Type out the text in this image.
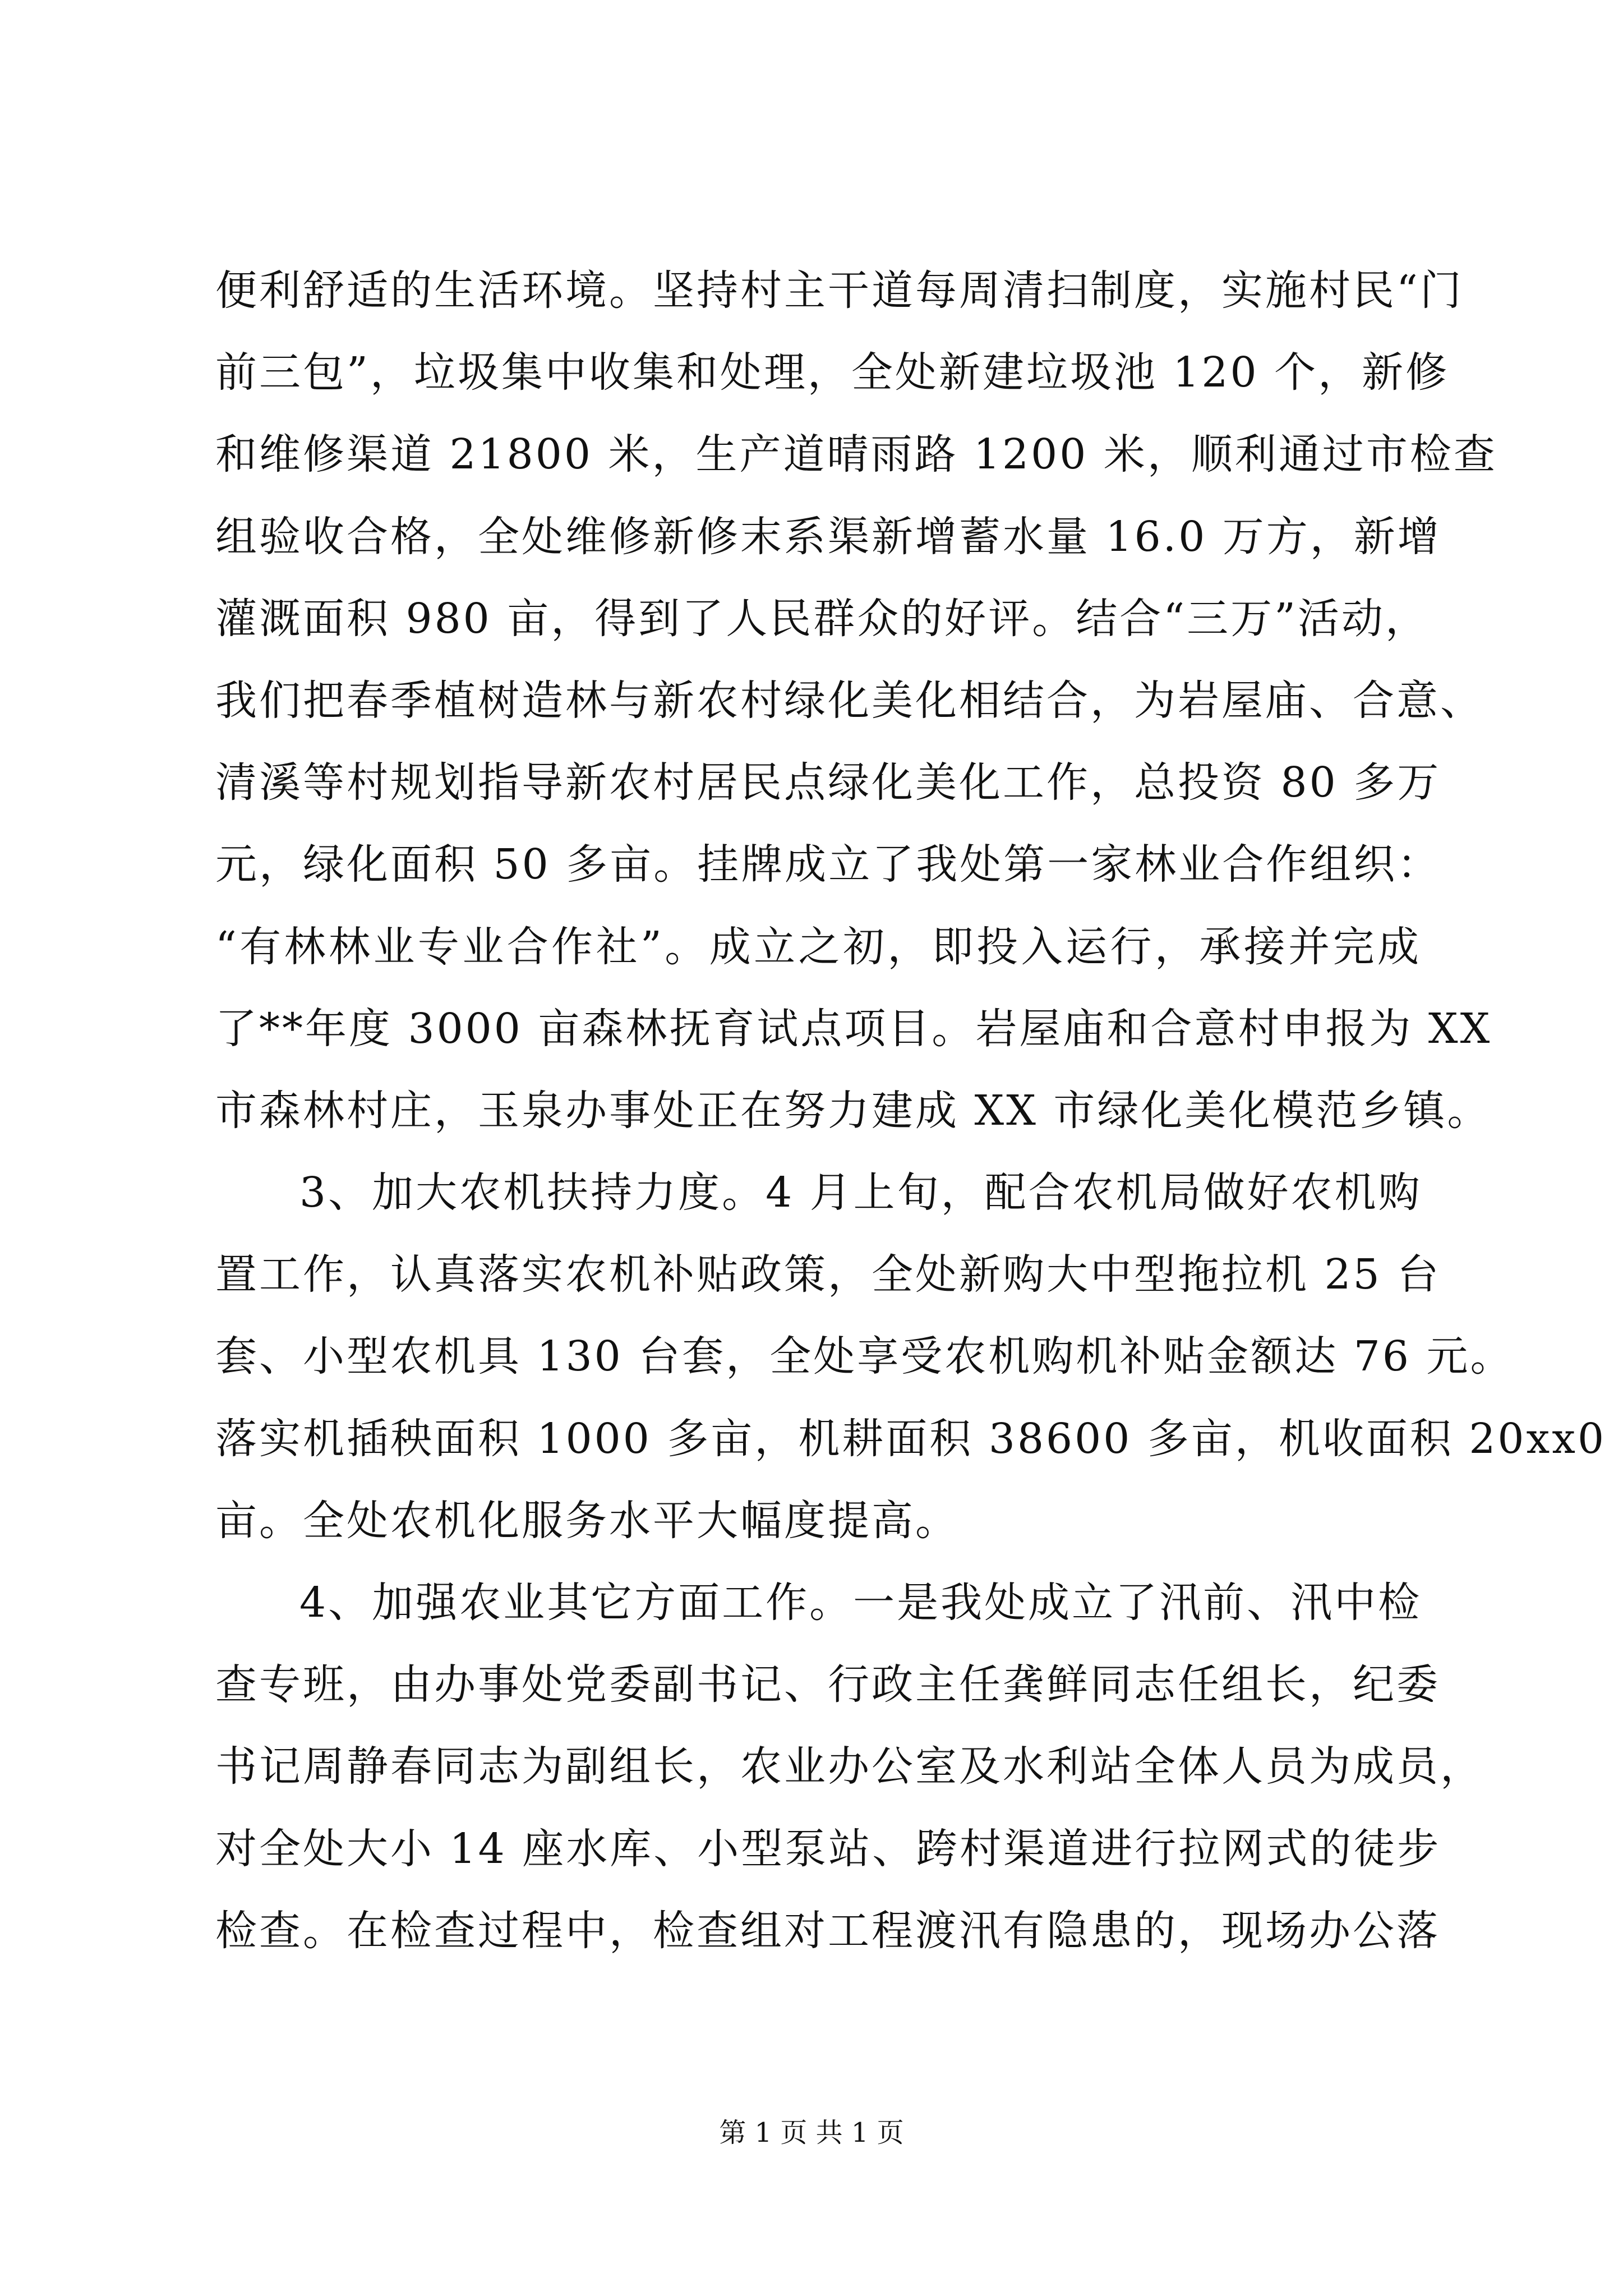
便利舒适的生活环境。坚持村主干道每周清扫制度，实施村民“门
前三包”，垃圾集中收集和处理，全处新建垃圾池 120 个，新修
和维修渠道 21800 米，生产道晴雨路 1200 米，顺利通过市检查
组验收合格，全处维修新修末系渠新增蓄水量 16.0 万方，新增
灌溉面积 980 亩，得到了人民群众的好评。结合“三万”活动，
我们把春季植树造林与新农村绿化美化相结合，为岩屋庙、合意、
清溪等村规划指导新农村居民点绿化美化工作，总投资 80 多万
元，绿化面积 50 多亩。挂牌成立了我处第一家林业合作组织：
“有林林业专业合作社”。成立之初，即投入运行，承接并完成
了**年度 3000 亩森林抚育试点项目。岩屋庙和合意村申报为 XX
市森林村庄，玉泉办事处正在努力建成 XX 市绿化美化模范乡镇。
3、加大农机扶持力度。4 月上旬，配合农机局做好农机购
置工作，认真落实农机补贴政策，全处新购大中型拖拉机 25 台
套、小型农机具 130 台套，全处享受农机购机补贴金额达 76 元。
落实机插秧面积 1000 多亩，机耕面积 38600 多亩，机收面积 20xx0
亩。全处农机化服务水平大幅度提高。
4、加强农业其它方面工作。一是我处成立了汛前、汛中检
查专班，由办事处党委副书记、行政主任龚鲜同志任组长，纪委
书记周静春同志为副组长，农业办公室及水利站全体人员为成员，
对全处大小 14 座水库、小型泵站、跨村渠道进行拉网式的徒步
检查。在检查过程中，检查组对工程渡汛有隐患的，现场办公落
第 1 页 共 1 页
